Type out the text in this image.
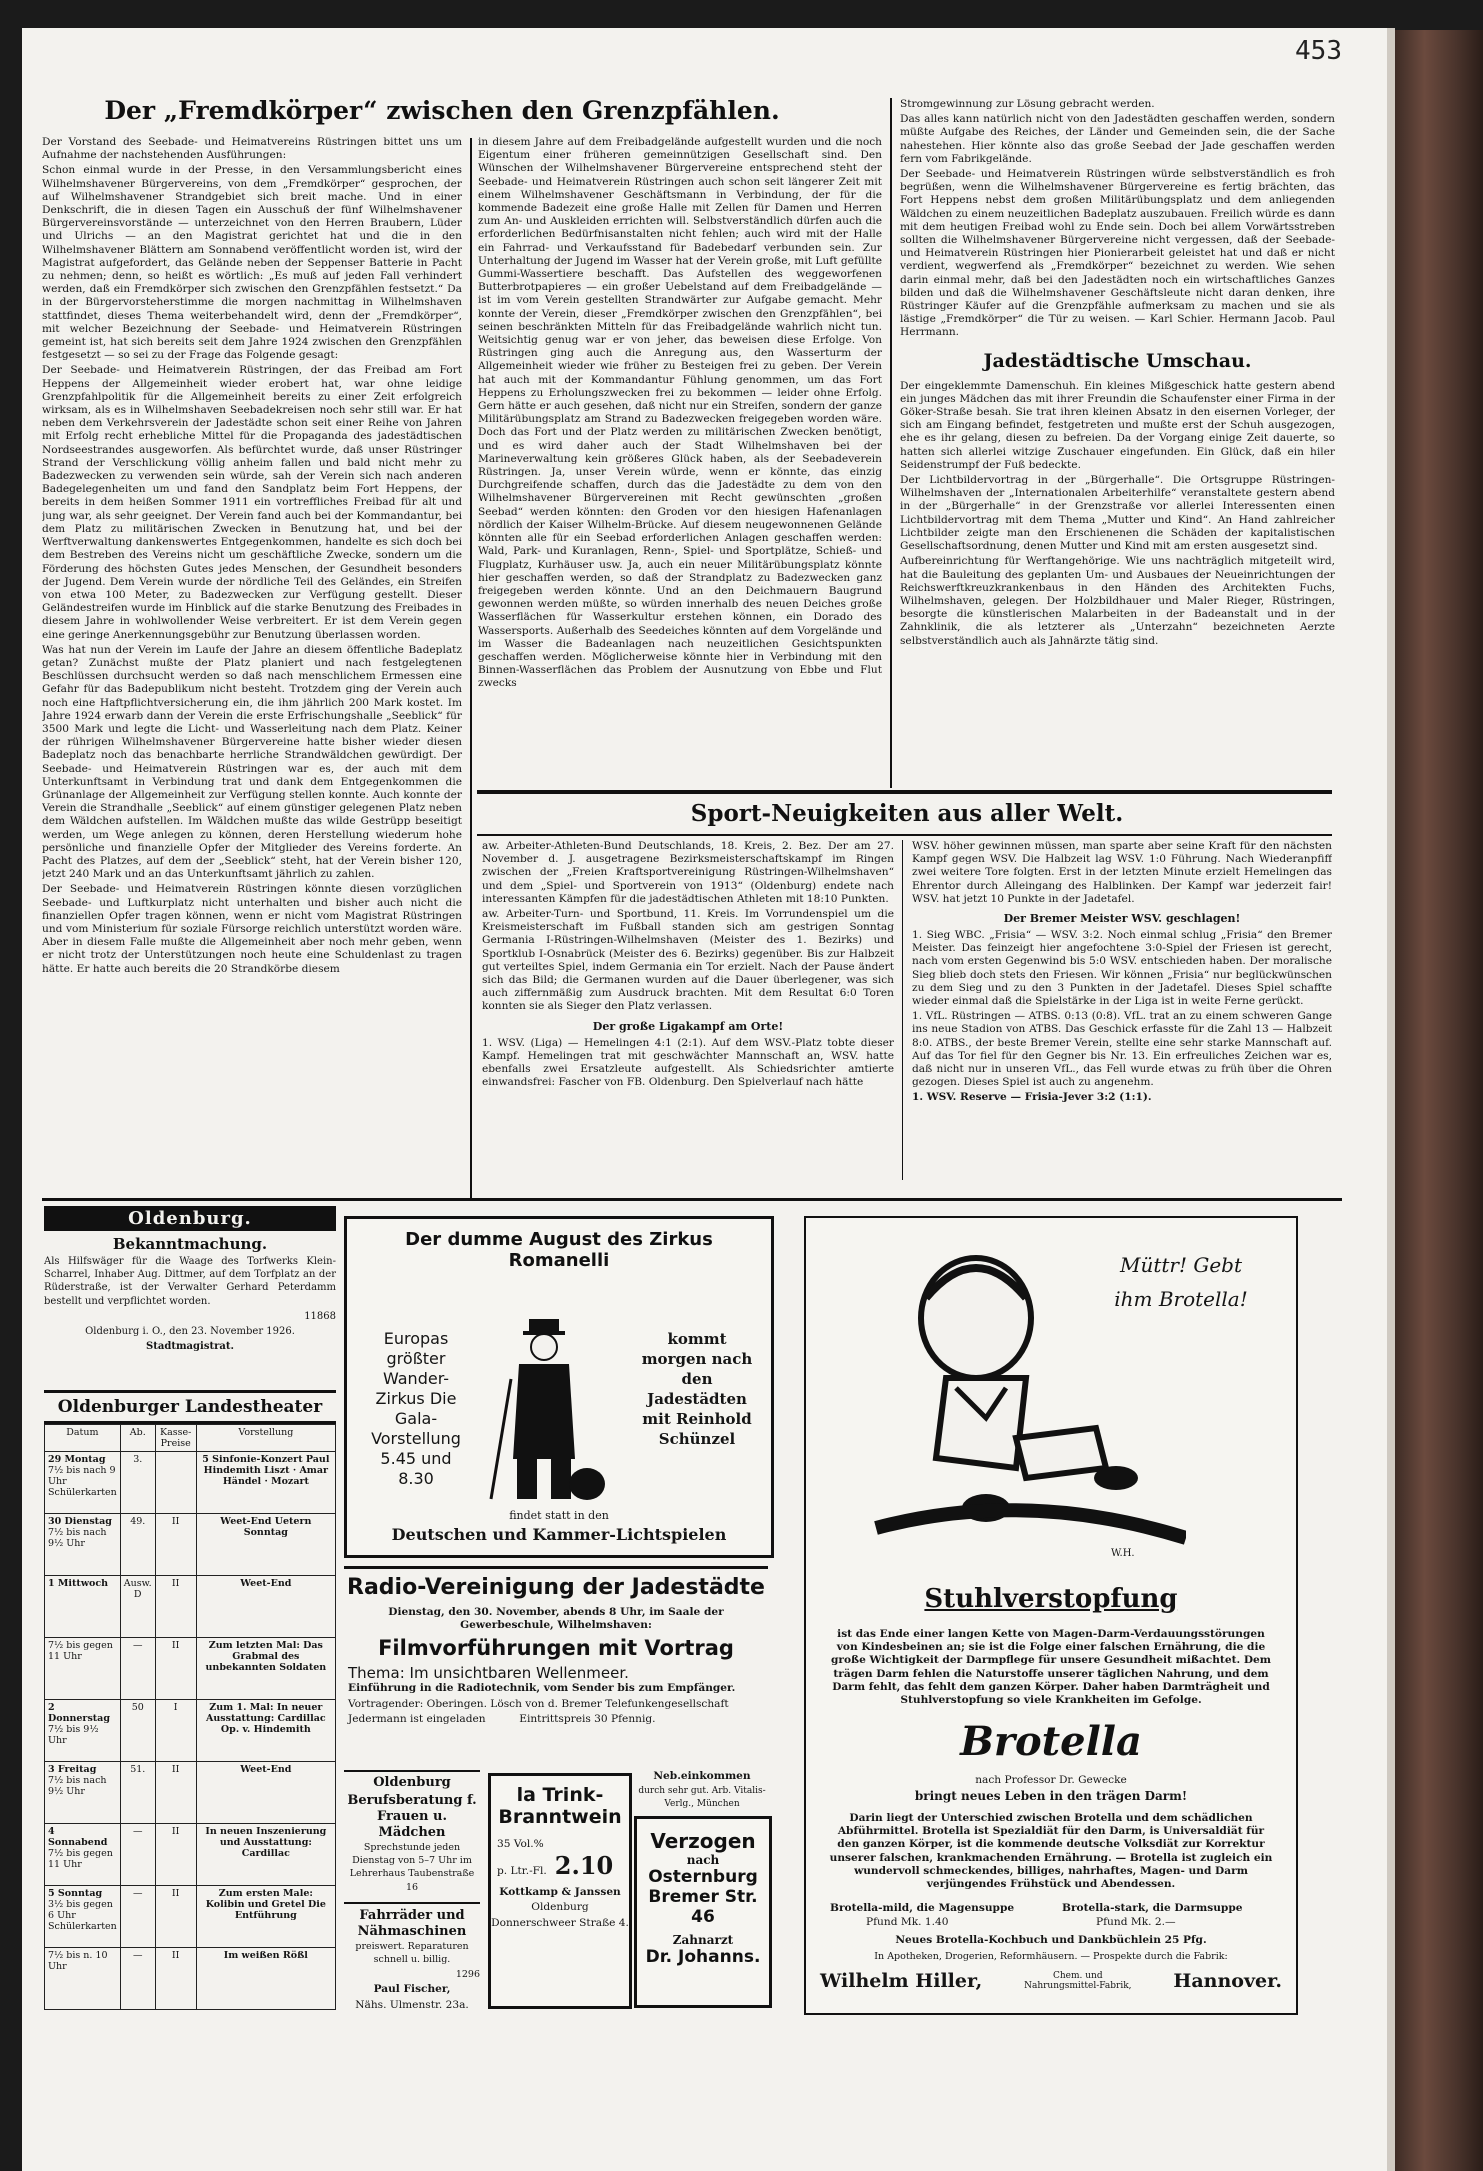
453
Der „Fremdkörper“ zwischen den Grenzpfählen.

Der Vorstand des Seebade- und Heimatvereins Rüstringen bittet uns um Aufnahme der nachstehenden Ausführungen:

Schon einmal wurde in der Presse, in den Versammlungsbericht eines Wilhelmshavener Bürgervereins, von dem „Fremdkörper“ gesprochen, der auf Wilhelmshavener Strandgebiet sich breit mache. Und in einer Denkschrift, die in diesen Tagen ein Ausschuß der fünf Wilhelmshavener Bürgervereinsvorstände — unterzeichnet von den Herren Braubern, Lüder und Ulrichs — an den Magistrat gerichtet hat und die in den Wilhelmshavener Blättern am Sonnabend veröffentlicht worden ist, wird der Magistrat aufgefordert, das Gelände neben der Seppenser Batterie in Pacht zu nehmen; denn, so heißt es wörtlich: „Es muß auf jeden Fall verhindert werden, daß ein Fremdkörper sich zwischen den Grenzpfählen festsetzt.“ Da in der Bürgervorsteherstimme die morgen nachmittag in Wilhelmshaven stattfindet, dieses Thema weiterbehandelt wird, denn der „Fremdkörper“, mit welcher Bezeichnung der Seebade- und Heimatverein Rüstringen gemeint ist, hat sich bereits seit dem Jahre 1924 zwischen den Grenzpfählen festgesetzt — so sei zu der Frage das Folgende gesagt:

Der Seebade- und Heimatverein Rüstringen, der das Freibad am Fort Heppens der Allgemeinheit wieder erobert hat, war ohne leidige Grenzpfahlpolitik für die Allgemeinheit bereits zu einer Zeit erfolgreich wirksam, als es in Wilhelmshaven Seebadekreisen noch sehr still war. Er hat neben dem Verkehrsverein der Jadestädte schon seit einer Reihe von Jahren mit Erfolg recht erhebliche Mittel für die Propaganda des jadestädtischen Nordseestrandes ausgeworfen. Als befürchtet wurde, daß unser Rüstringer Strand der Verschlickung völlig anheim fallen und bald nicht mehr zu Badezwecken zu verwenden sein würde, sah der Verein sich nach anderen Badegelegenheiten um und fand den Sandplatz beim Fort Heppens, der bereits in dem heißen Sommer 1911 ein vortreffliches Freibad für alt und jung war, als sehr geeignet. Der Verein fand auch bei der Kommandantur, bei dem Platz zu militärischen Zwecken in Benutzung hat, und bei der Werftverwaltung dankenswertes Entgegenkommen, handelte es sich doch bei dem Bestreben des Vereins nicht um geschäftliche Zwecke, sondern um die Förderung des höchsten Gutes jedes Menschen, der Gesundheit besonders der Jugend. Dem Verein wurde der nördliche Teil des Geländes, ein Streifen von etwa 100 Meter, zu Badezwecken zur Verfügung gestellt. Dieser Geländestreifen wurde im Hinblick auf die starke Benutzung des Freibades in diesem Jahre in wohlwollender Weise verbreitert. Er ist dem Verein gegen eine geringe Anerkennungsgebühr zur Benutzung überlassen worden.

Was hat nun der Verein im Laufe der Jahre an diesem öffentliche Badeplatz getan? Zunächst mußte der Platz planiert und nach festgelegtenen Beschlüssen durchsucht werden so daß nach menschlichem Ermessen eine Gefahr für das Badepublikum nicht besteht. Trotzdem ging der Verein auch noch eine Haftpflichtversicherung ein, die ihm jährlich 200 Mark kostet. Im Jahre 1924 erwarb dann der Verein die erste Erfrischungshalle „Seeblick“ für 3500 Mark und legte die Licht- und Wasserleitung nach dem Platz. Keiner der rührigen Wilhelmshavener Bürgervereine hatte bisher wieder diesen Badeplatz noch das benachbarte herrliche Strandwäldchen gewürdigt. Der Seebade- und Heimatverein Rüstringen war es, der auch mit dem Unterkunftsamt in Verbindung trat und dank dem Entgegenkommen die Grünanlage der Allgemeinheit zur Verfügung stellen konnte. Auch konnte der Verein die Strandhalle „Seeblick“ auf einem günstiger gelegenen Platz neben dem Wäldchen aufstellen. Im Wäldchen mußte das wilde Gestrüpp beseitigt werden, um Wege anlegen zu können, deren Herstellung wiederum hohe persönliche und finanzielle Opfer der Mitglieder des Vereins forderte. An Pacht des Platzes, auf dem der „Seeblick“ steht, hat der Verein bisher 120, jetzt 240 Mark und an das Unterkunftsamt jährlich zu zahlen.

Der Seebade- und Heimatverein Rüstringen könnte diesen vorzüglichen Seebade- und Luftkurplatz nicht unterhalten und bisher auch nicht die finanziellen Opfer tragen können, wenn er nicht vom Magistrat Rüstringen und vom Ministerium für soziale Fürsorge reichlich unterstützt worden wäre. Aber in diesem Falle mußte die Allgemeinheit aber noch mehr geben, wenn er nicht trotz der Unterstützungen noch heute eine Schuldenlast zu tragen hätte. Er hatte auch bereits die 20 Strandkörbe diesem

in diesem Jahre auf dem Freibadgelände aufgestellt wurden und die noch Eigentum einer früheren gemeinnützigen Gesellschaft sind. Den Wünschen der Wilhelmshavener Bürgervereine entsprechend steht der Seebade- und Heimatverein Rüstringen auch schon seit längerer Zeit mit einem Wilhelmshavener Geschäftsmann in Verbindung, der für die kommende Badezeit eine große Halle mit Zellen für Damen und Herren zum An- und Auskleiden errichten will. Selbstverständlich dürfen auch die erforderlichen Bedürfnisanstalten nicht fehlen; auch wird mit der Halle ein Fahrrad- und Verkaufsstand für Badebedarf verbunden sein. Zur Unterhaltung der Jugend im Wasser hat der Verein große, mit Luft gefüllte Gummi-Wassertiere beschafft. Das Aufstellen des weggeworfenen Butterbrotpapieres — ein großer Uebelstand auf dem Freibadgelände — ist im vom Verein gestellten Strandwärter zur Aufgabe gemacht. Mehr konnte der Verein, dieser „Fremdkörper zwischen den Grenzpfählen“, bei seinen beschränkten Mitteln für das Freibadgelände wahrlich nicht tun. Weitsichtig genug war er von jeher, das beweisen diese Erfolge. Von Rüstringen ging auch die Anregung aus, den Wasserturm der Allgemeinheit wieder wie früher zu Besteigen frei zu geben. Der Verein hat auch mit der Kommandantur Fühlung genommen, um das Fort Heppens zu Erholungszwecken frei zu bekommen — leider ohne Erfolg. Gern hätte er auch gesehen, daß nicht nur ein Streifen, sondern der ganze Militärübungsplatz am Strand zu Badezwecken freigegeben worden wäre. Doch das Fort und der Platz werden zu militärischen Zwecken benötigt, und es wird daher auch der Stadt Wilhelmshaven bei der Marineverwaltung kein größeres Glück haben, als der Seebadeverein Rüstringen. Ja, unser Verein würde, wenn er könnte, das einzig Durchgreifende schaffen, durch das die Jadestädte zu dem von den Wilhelmshavener Bürgervereinen mit Recht gewünschten „großen Seebad“ werden könnten: den Groden vor den hiesigen Hafenanlagen nördlich der Kaiser Wilhelm-Brücke. Auf diesem neugewonnenen Gelände könnten alle für ein Seebad erforderlichen Anlagen geschaffen werden: Wald, Park- und Kuranlagen, Renn-, Spiel- und Sportplätze, Schieß- und Flugplatz, Kurhäuser usw. Ja, auch ein neuer Militärübungsplatz könnte hier geschaffen werden, so daß der Strandplatz zu Badezwecken ganz freigegeben werden könnte. Und an den Deichmauern Baugrund gewonnen werden müßte, so würden innerhalb des neuen Deiches große Wasserflächen für Wasserkultur erstehen können, ein Dorado des Wassersports. Außerhalb des Seedeiches könnten auf dem Vorgelände und im Wasser die Badeanlagen nach neuzeitlichen Gesichtspunkten geschaffen werden. Möglicherweise könnte hier in Verbindung mit den Binnen-Wasserflächen das Problem der Ausnutzung von Ebbe und Flut zwecks

Stromgewinnung zur Lösung gebracht werden.

Das alles kann natürlich nicht von den Jadestädten geschaffen werden, sondern müßte Aufgabe des Reiches, der Länder und Gemeinden sein, die der Sache nahestehen. Hier könnte also das große Seebad der Jade geschaffen werden fern vom Fabrikgelände.

Der Seebade- und Heimatverein Rüstringen würde selbstverständlich es froh begrüßen, wenn die Wilhelmshavener Bürgervereine es fertig brächten, das Fort Heppens nebst dem großen Militärübungsplatz und dem anliegenden Wäldchen zu einem neuzeitlichen Badeplatz auszubauen. Freilich würde es dann mit dem heutigen Freibad wohl zu Ende sein. Doch bei allem Vorwärtsstreben sollten die Wilhelmshavener Bürgervereine nicht vergessen, daß der Seebade- und Heimatverein Rüstringen hier Pionierarbeit geleistet hat und daß er nicht verdient, wegwerfend als „Fremdkörper“ bezeichnet zu werden. Wie sehen darin einmal mehr, daß bei den Jadestädten noch ein wirtschaftliches Ganzes bilden und daß die Wilhelmshavener Geschäftsleute nicht daran denken, ihre Rüstringer Käufer auf die Grenzpfähle aufmerksam zu machen und sie als lästige „Fremdkörper“ die Tür zu weisen. — Karl Schier. Hermann Jacob. Paul Herrmann.

Jadestädtische Umschau.

Der eingeklemmte Damenschuh. Ein kleines Mißgeschick hatte gestern abend ein junges Mädchen das mit ihrer Freundin die Schaufenster einer Firma in der Göker-Straße besah. Sie trat ihren kleinen Absatz in den eisernen Vorleger, der sich am Eingang befindet, festgetreten und mußte erst der Schuh ausgezogen, ehe es ihr gelang, diesen zu befreien. Da der Vorgang einige Zeit dauerte, so hatten sich allerlei witzige Zuschauer eingefunden. Ein Glück, daß ein hiler Seidenstrumpf der Fuß bedeckte.

Der Lichtbildervortrag in der „Bürgerhalle“. Die Ortsgruppe Rüstringen-Wilhelmshaven der „Internationalen Arbeiterhilfe“ veranstaltete gestern abend in der „Bürgerhalle“ in der Grenzstraße vor allerlei Interessenten einen Lichtbildervortrag mit dem Thema „Mutter und Kind“. An Hand zahlreicher Lichtbilder zeigte man den Erschienenen die Schäden der kapitalistischen Gesellschaftsordnung, denen Mutter und Kind mit am ersten ausgesetzt sind.

Aufbereinrichtung für Werftangehörige. Wie uns nachträglich mitgeteilt wird, hat die Bauleitung des geplanten Um- und Ausbaues der Neueinrichtungen der Reichswerftkreuzkrankenbaus in den Händen des Architekten Fuchs, Wilhelmshaven, gelegen. Der Holzbildhauer und Maler Rieger, Rüstringen, besorgte die künstlerischen Malarbeiten in der Badeanstalt und in der Zahnklinik, die als letzterer als „Unterzahn“ bezeichneten Aerzte selbstverständlich auch als Jahnärzte tätig sind.

Sport-Neuigkeiten aus aller Welt.

aw. Arbeiter-Athleten-Bund Deutschlands, 18. Kreis, 2. Bez. Der am 27. November d. J. ausgetragene Bezirksmeisterschaftskampf im Ringen zwischen der „Freien Kraftsportvereinigung Rüstringen-Wilhelmshaven“ und dem „Spiel- und Sportverein von 1913“ (Oldenburg) endete nach interessanten Kämpfen für die jadestädtischen Athleten mit 18:10 Punkten.

aw. Arbeiter-Turn- und Sportbund, 11. Kreis. Im Vorrundenspiel um die Kreismeisterschaft im Fußball standen sich am gestrigen Sonntag Germania I-Rüstringen-Wilhelmshaven (Meister des 1. Bezirks) und Sportklub I-Osnabrück (Meister des 6. Bezirks) gegenüber. Bis zur Halbzeit gut verteiltes Spiel, indem Germania ein Tor erzielt. Nach der Pause ändert sich das Bild; die Germanen wurden auf die Dauer überlegener, was sich auch ziffernmäßig zum Ausdruck brachten. Mit dem Resultat 6:0 Toren konnten sie als Sieger den Platz verlassen.

Der große Ligakampf am Orte!

1. WSV. (Liga) — Hemelingen 4:1 (2:1). Auf dem WSV.-Platz tobte dieser Kampf. Hemelingen trat mit geschwächter Mannschaft an, WSV. hatte ebenfalls zwei Ersatzleute aufgestellt. Als Schiedsrichter amtierte einwandsfrei: Fascher von FB. Oldenburg. Den Spielverlauf nach hätte

WSV. höher gewinnen müssen, man sparte aber seine Kraft für den nächsten Kampf gegen WSV. Die Halbzeit lag WSV. 1:0 Führung. Nach Wiederanpfiff zwei weitere Tore folgten. Erst in der letzten Minute erzielt Hemelingen das Ehrentor durch Alleingang des Halblinken. Der Kampf war jederzeit fair! WSV. hat jetzt 10 Punkte in der Jadetafel.

Der Bremer Meister WSV. geschlagen!

1. Sieg WBC. „Frisia“ — WSV. 3:2. Noch einmal schlug „Frisia“ den Bremer Meister. Das feinzeigt hier angefochtene 3:0-Spiel der Friesen ist gerecht, nach vom ersten Gegenwind bis 5:0 WSV. entschieden haben. Der moralische Sieg blieb doch stets den Friesen. Wir können „Frisia“ nur beglückwünschen zu dem Sieg und zu den 3 Punkten in der Jadetafel. Dieses Spiel schaffte wieder einmal daß die Spielstärke in der Liga ist in weite Ferne gerückt.

1. VfL. Rüstringen — ATBS. 0:13 (0:8). VfL. trat an zu einem schweren Gange ins neue Stadion von ATBS. Das Geschick erfasste für die Zahl 13 — Halbzeit 8:0. ATBS., der beste Bremer Verein, stellte eine sehr starke Mannschaft auf. Auf das Tor fiel für den Gegner bis Nr. 13. Ein erfreuliches Zeichen war es, daß nicht nur in unseren VfL., das Fell wurde etwas zu früh über die Ohren gezogen. Dieses Spiel ist auch zu angenehm.

1. WSV. Reserve — Frisia-Jever 3:2 (1:1).

Oldenburg.
Bekanntmachung.

Als Hilfswäger für die Waage des Torfwerks Klein-Scharrel, Inhaber Aug. Dittmer, auf dem Torfplatz an der Rüderstraße, ist der Verwalter Gerhard Peterdamm bestellt und verpflichtet worden.

11868
Oldenburg i. O., den 23. November 1926.
Stadtmagistrat.
Oldenburger Landestheater
Datum	Ab.	Kasse-Preise	Vorstellung

29 Montag
7½ bis nach 9 Uhr Schülerkarten	3.		5 Sinfonie-Konzert Paul Hindemith Liszt · Amar Händel · Mozart

30 Dienstag
7½ bis nach 9½ Uhr	49.	II	Weet-End Uetern Sonntag

1 Mittwoch	Ausw. D	II	Weet-End

7½ bis gegen 11 Uhr	—	II	Zum letzten Mal: Das Grabmal des unbekannten Soldaten

2 Donnerstag
7½ bis 9½ Uhr	50	I	Zum 1. Mal: In neuer Ausstattung: Cardillac Op. v. Hindemith

3 Freitag
7½ bis nach 9½ Uhr	51.	II	Weet-End

4 Sonnabend
7½ bis gegen 11 Uhr	—	II	In neuen Inszenierung und Ausstattung: Cardillac

5 Sonntag
3½ bis gegen 6 Uhr Schülerkarten	—	II	Zum ersten Male: Kolibin und Gretel Die Entführung

7½ bis n. 10 Uhr	—	II	Im weißen Rößl
Der dumme August des Zirkus Romanelli
Europas größter Wander-Zirkus Die Gala-Vorstellung 5.45 und 8.30
kommt morgen nach den Jadestädten mit Reinhold Schünzel
findet statt in den
Deutschen und Kammer-Lichtspielen
Radio-Vereinigung der Jadestädte
Dienstag, den 30. November, abends 8 Uhr, im Saale der Gewerbeschule, Wilhelmshaven:
Filmvorführungen mit Vortrag
Thema: Im unsichtbaren Wellenmeer.
Einführung in die Radiotechnik, vom Sender bis zum Empfänger.
Vortragender: Oberingen. Lösch von d. Bremer Telefunkengesellschaft
Jedermann ist eingeladen          Eintrittspreis 30 Pfennig.
Oldenburg
Berufsberatung f. Frauen u. Mädchen
Sprechstunde jeden Dienstag von 5–7 Uhr im Lehrerhaus Taubenstraße 16
Fahrräder und Nähmaschinen
preiswert. Reparaturen schnell u. billig.
1296
Paul Fischer,
Nähs. Ulmenstr. 23a.
la Trink-
Branntwein
35 Vol.%
p. Ltr.-Fl. 2.10
Kottkamp & Janssen
Oldenburg
Donnerschweer Straße 4.
Neb.einkommen
durch sehr gut. Arb. Vitalis-Verlg., München
Verzogen
nach
Osternburg
Bremer Str. 46
Zahnarzt
Dr. Johanns.
Müttr! Gebt ihm Brotella!
W.H.
Stuhlverstopfung

ist das Ende einer langen Kette von Magen-Darm-Verdauungsstörungen von Kindesbeinen an; sie ist die Folge einer falschen Ernährung, die die große Wichtigkeit der Darmpflege für unsere Gesundheit mißachtet. Dem trägen Darm fehlen die Naturstoffe unserer täglichen Nahrung, und dem Darm fehlt, das fehlt dem ganzen Körper. Daher haben Darmträgheit und Stuhlverstopfung so viele Krankheiten im Gefolge.

Brotella
nach Professor Dr. Gewecke
bringt neues Leben in den trägen Darm!

Darin liegt der Unterschied zwischen Brotella und dem schädlichen Abführmittel. Brotella ist Spezialdiät für den Darm, is Universaldiät für den ganzen Körper, ist die kommende deutsche Volksdiät zur Korrektur unserer falschen, krankmachenden Ernährung. — Brotella ist zugleich ein wundervoll schmeckendes, billiges, nahrhaftes, Magen- und Darm verjüngendes Frühstück und Abendessen.

Brotella-mild, die Magensuppe
Pfund Mk. 1.40
Brotella-stark, die Darmsuppe
Pfund Mk. 2.—
Neues Brotella-Kochbuch und Dankbüchlein 25 Pfg.
In Apotheken, Drogerien, Reformhäusern. — Prospekte durch die Fabrik:
Wilhelm Hiller,	Chem. und Nahrungsmittel-Fabrik,	Hannover.
